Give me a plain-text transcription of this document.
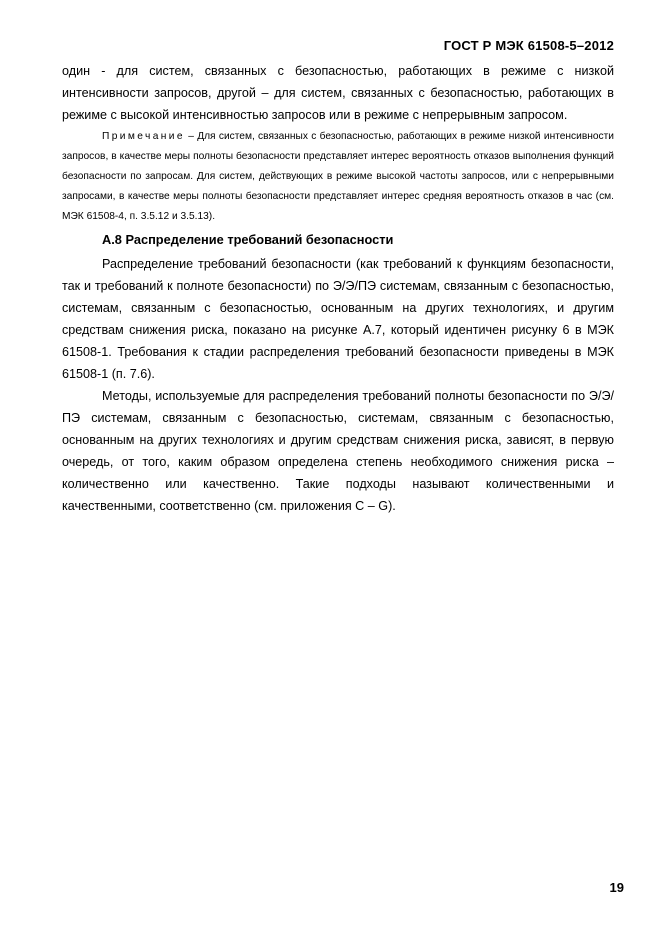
ГОСТ Р МЭК 61508-5–2012

один - для систем, связанных с безопасностью, работающих в режиме с низкой интенсивности запросов, другой – для систем, связанных с безопасностью, работающих в режиме с высокой интенсивностью запросов или в режиме с непрерывным запросом.

Примечание – Для систем, связанных с безопасностью, работающих в режиме низкой интенсивности запросов, в качестве меры полноты безопасности представляет интерес вероятность отказов выполнения функций безопасности по запросам. Для систем, действующих в режиме высокой частоты запросов, или с непрерывными запросами, в качестве меры полноты безопасности представляет интерес средняя вероятность отказов в час (см. МЭК 61508-4, п. 3.5.12 и 3.5.13).

А.8 Распределение требований безопасности

Распределение требований безопасности (как требований к функциям безопасности, так и требований к полноте безопасности) по Э/Э/ПЭ системам, связанным с безопасностью, системам, связанным с безопасностью, основанным на других технологиях, и другим средствам снижения риска, показано на рисунке А.7, который идентичен рисунку 6 в МЭК 61508-1. Требования к стадии распределения требований безопасности приведены в МЭК 61508-1 (п. 7.6).

Методы, используемые для распределения требований полноты безопасности по Э/Э/ПЭ системам, связанным с безопасностью, системам, связанным с безопасностью, основанным на других технологиях и другим средствам снижения риска, зависят, в первую очередь, от того, каким образом определена степень необходимого снижения риска – количественно или качественно. Такие подходы называют количественными и качественными, соответственно (см. приложения С – G).

19
